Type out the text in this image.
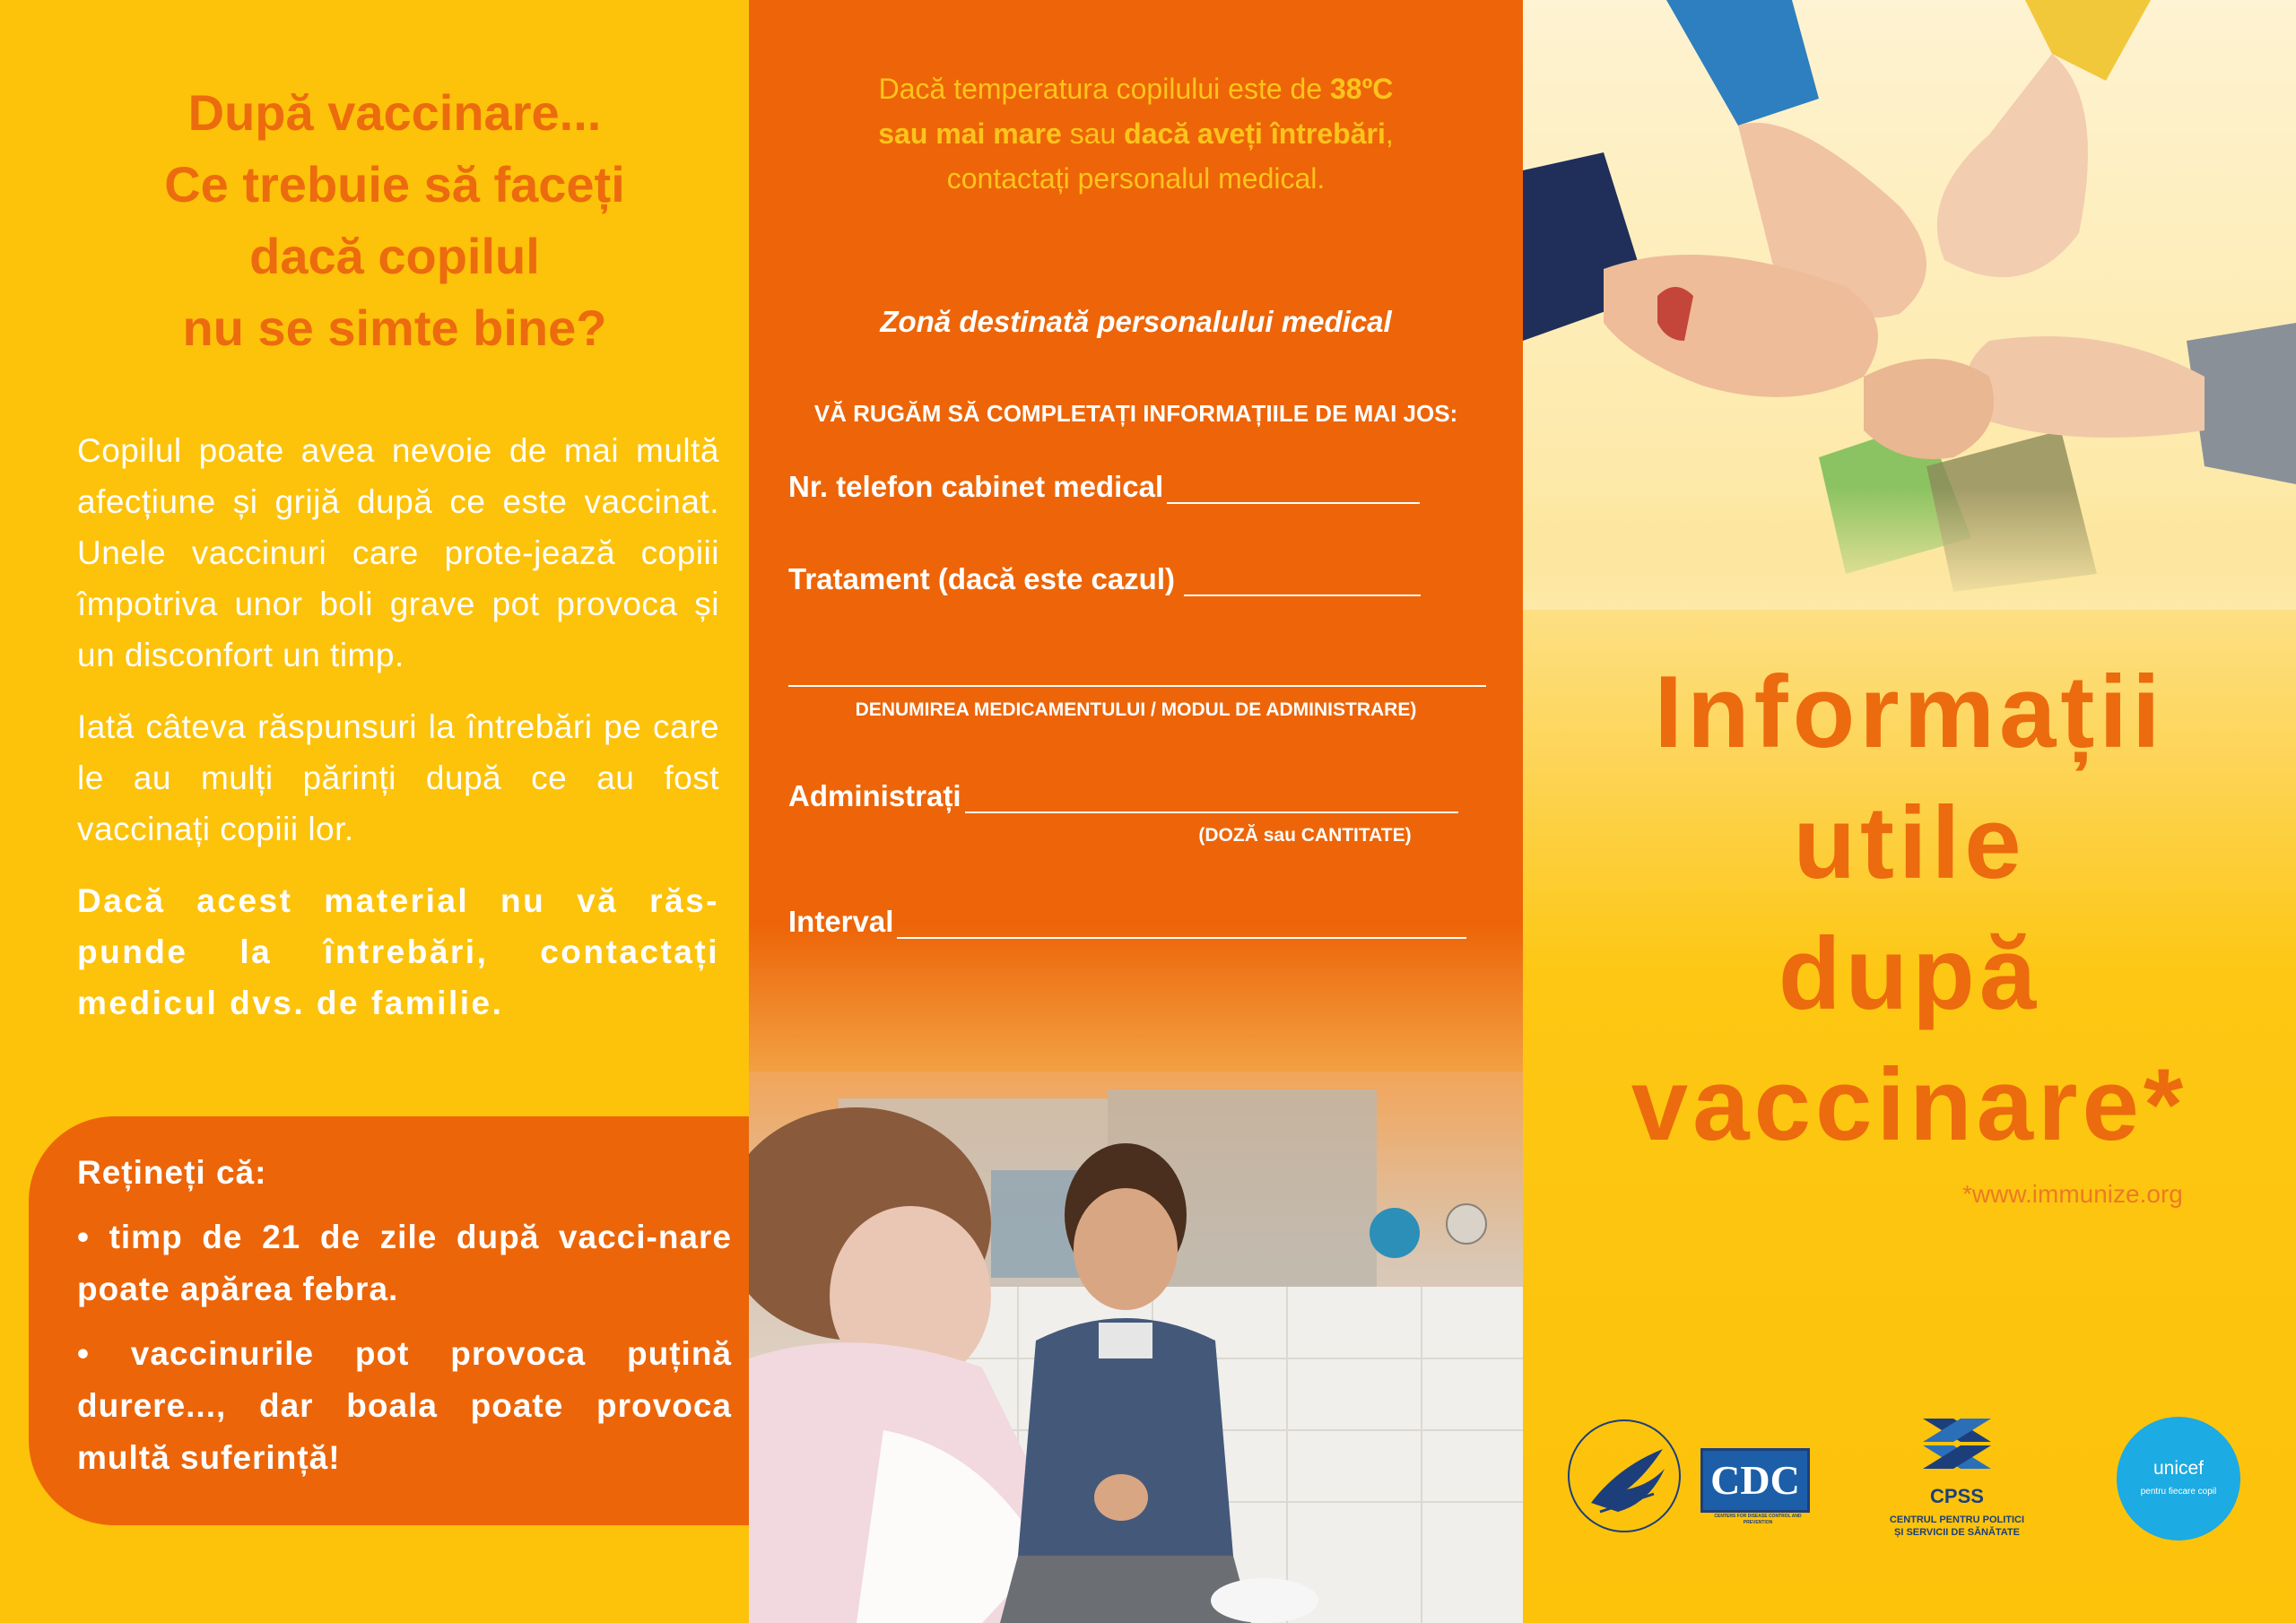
După vaccinare...
Ce trebuie să faceți
dacă copilul
nu se simte bine?

Copilul poate avea nevoie de mai multă afecțiune și grijă după ce este vaccinat. Unele vaccinuri care prote-jează copiii împotriva unor boli grave pot provoca și un disconfort un timp.

Iată câteva răspunsuri la întrebări pe care le au mulți părinți după ce au fost vaccinați copiii lor.

Dacă acest material nu vă răs-punde la întrebări, contactați medicul dvs. de familie.

Rețineți că:

• timp de 21 de zile după vacci-nare poate apărea febra.

• vaccinurile pot provoca puțină durere..., dar boala poate provoca multă suferință!

Dacă temperatura copilului este de 38ºC
sau mai mare sau dacă aveți întrebări,
contactați personalul medical.
Zonă destinată personalului medical
VĂ RUGĂM SĂ COMPLETAȚI INFORMAȚIILE DE MAI JOS:
Nr. telefon cabinet medical
Tratament (dacă este cazul)
DENUMIREA MEDICAMENTULUI / MODUL DE ADMINISTRARE)
Administrați
(DOZĂ sau CANTITATE)
Interval
Informații
utile
după
vaccinare*
*www.immunize.org
CDC
CENTERS FOR DISEASE CONTROL AND PREVENTION
CPSS
CENTRUL PENTRU POLITICI
ȘI SERVICII DE SĂNĂTATE
unicef
pentru fiecare copil
